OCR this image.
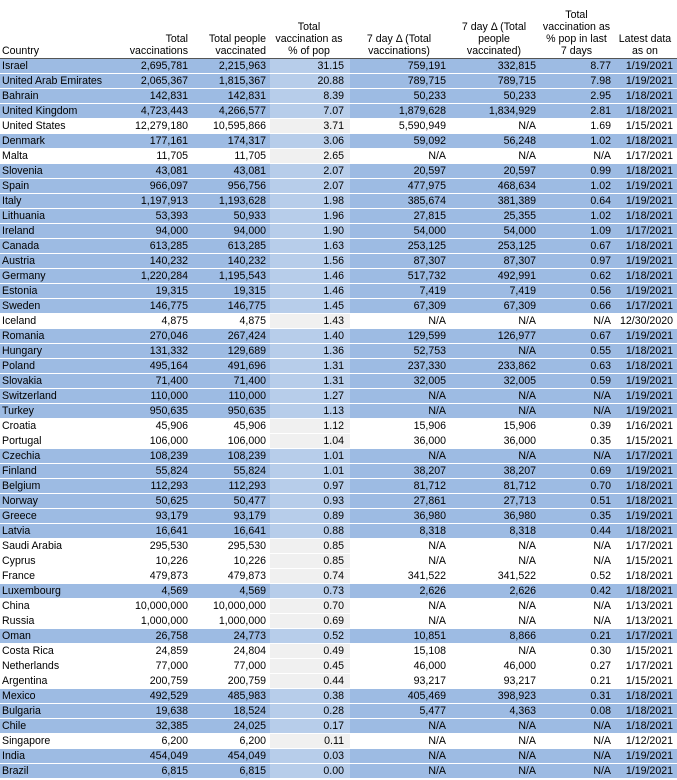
Country	Total vaccinations	Total people vaccinated	Total vaccination as % of pop	7 day Δ (Total vaccinations)	7 day Δ (Total people vaccinated)	Total vaccination as % pop in last 7 days	Latest data as on
Israel	2,695,781	2,215,963	31.15	759,191	332,815	8.77	1/19/2021
United Arab Emirates	2,065,367	1,815,367	20.88	789,715	789,715	7.98	1/19/2021
Bahrain	142,831	142,831	8.39	50,233	50,233	2.95	1/18/2021
United Kingdom	4,723,443	4,266,577	7.07	1,879,628	1,834,929	2.81	1/18/2021
United States	12,279,180	10,595,866	3.71	5,590,949	N/A	1.69	1/15/2021
Denmark	177,161	174,317	3.06	59,092	56,248	1.02	1/18/2021
Malta	11,705	11,705	2.65	N/A	N/A	N/A	1/17/2021
Slovenia	43,081	43,081	2.07	20,597	20,597	0.99	1/18/2021
Spain	966,097	956,756	2.07	477,975	468,634	1.02	1/19/2021
Italy	1,197,913	1,193,628	1.98	385,674	381,389	0.64	1/19/2021
Lithuania	53,393	50,933	1.96	27,815	25,355	1.02	1/18/2021
Ireland	94,000	94,000	1.90	54,000	54,000	1.09	1/17/2021
Canada	613,285	613,285	1.63	253,125	253,125	0.67	1/18/2021
Austria	140,232	140,232	1.56	87,307	87,307	0.97	1/19/2021
Germany	1,220,284	1,195,543	1.46	517,732	492,991	0.62	1/18/2021
Estonia	19,315	19,315	1.46	7,419	7,419	0.56	1/19/2021
Sweden	146,775	146,775	1.45	67,309	67,309	0.66	1/17/2021
Iceland	4,875	4,875	1.43	N/A	N/A	N/A	12/30/2020
Romania	270,046	267,424	1.40	129,599	126,977	0.67	1/19/2021
Hungary	131,332	129,689	1.36	52,753	N/A	0.55	1/18/2021
Poland	495,164	491,696	1.31	237,330	233,862	0.63	1/18/2021
Slovakia	71,400	71,400	1.31	32,005	32,005	0.59	1/19/2021
Switzerland	110,000	110,000	1.27	N/A	N/A	N/A	1/19/2021
Turkey	950,635	950,635	1.13	N/A	N/A	N/A	1/19/2021
Croatia	45,906	45,906	1.12	15,906	15,906	0.39	1/16/2021
Portugal	106,000	106,000	1.04	36,000	36,000	0.35	1/15/2021
Czechia	108,239	108,239	1.01	N/A	N/A	N/A	1/17/2021
Finland	55,824	55,824	1.01	38,207	38,207	0.69	1/19/2021
Belgium	112,293	112,293	0.97	81,712	81,712	0.70	1/18/2021
Norway	50,625	50,477	0.93	27,861	27,713	0.51	1/18/2021
Greece	93,179	93,179	0.89	36,980	36,980	0.35	1/19/2021
Latvia	16,641	16,641	0.88	8,318	8,318	0.44	1/18/2021
Saudi Arabia	295,530	295,530	0.85	N/A	N/A	N/A	1/17/2021
Cyprus	10,226	10,226	0.85	N/A	N/A	N/A	1/15/2021
France	479,873	479,873	0.74	341,522	341,522	0.52	1/18/2021
Luxembourg	4,569	4,569	0.73	2,626	2,626	0.42	1/18/2021
China	10,000,000	10,000,000	0.70	N/A	N/A	N/A	1/13/2021
Russia	1,000,000	1,000,000	0.69	N/A	N/A	N/A	1/13/2021
Oman	26,758	24,773	0.52	10,851	8,866	0.21	1/17/2021
Costa Rica	24,859	24,804	0.49	15,108	N/A	0.30	1/15/2021
Netherlands	77,000	77,000	0.45	46,000	46,000	0.27	1/17/2021
Argentina	200,759	200,759	0.44	93,217	93,217	0.21	1/15/2021
Mexico	492,529	485,983	0.38	405,469	398,923	0.31	1/18/2021
Bulgaria	19,638	18,524	0.28	5,477	4,363	0.08	1/18/2021
Chile	32,385	24,025	0.17	N/A	N/A	N/A	1/18/2021
Singapore	6,200	6,200	0.11	N/A	N/A	N/A	1/12/2021
India	454,049	454,049	0.03	N/A	N/A	N/A	1/19/2021
Brazil	6,815	6,815	0.00	N/A	N/A	N/A	1/19/2021
